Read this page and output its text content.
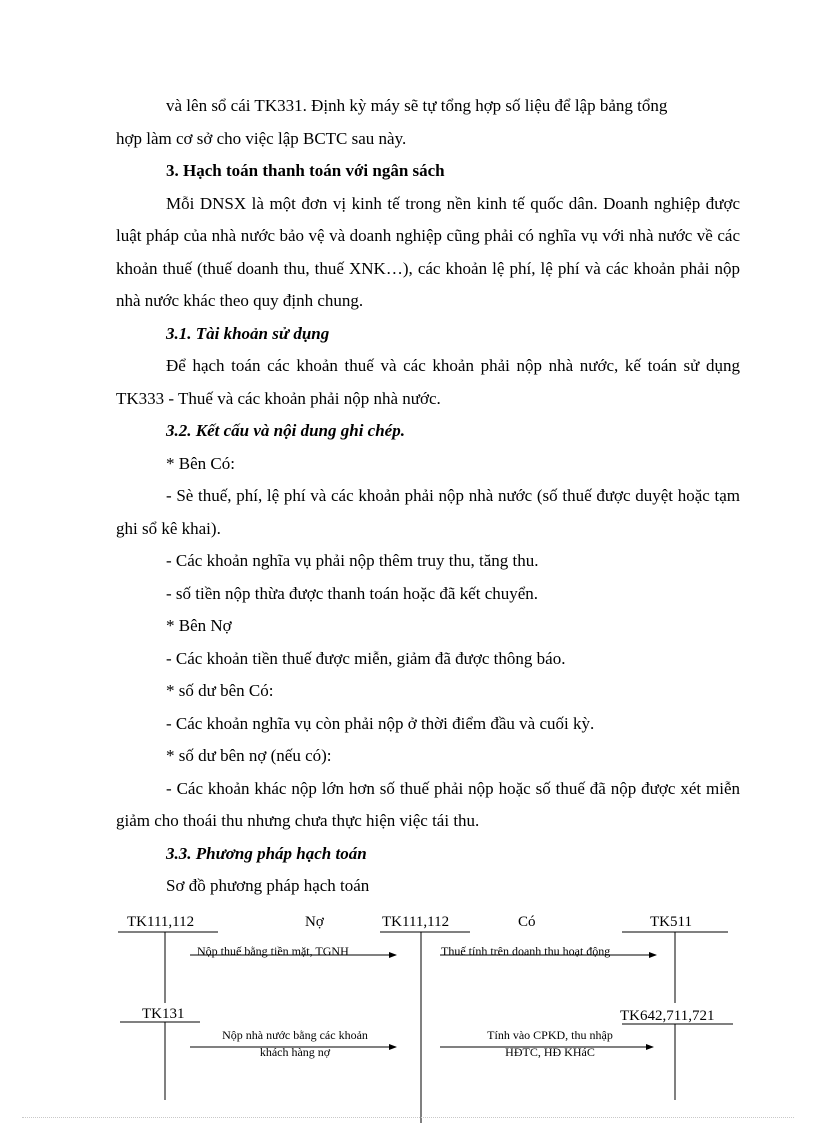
và lên sổ cái TK331. Định kỳ máy sẽ tự tổng hợp số liệu để lập bảng tổng

hợp làm cơ sở cho việc lập BCTC sau này.

3. Hạch toán thanh toán với ngân sách

Mỗi DNSX là một đơn vị kinh tế trong nền kinh tế quốc dân. Doanh nghiệp được luật pháp của nhà nước bảo vệ và doanh nghiệp cũng phải có nghĩa vụ với nhà nước về các khoản thuế (thuế doanh thu, thuế XNK…), các khoản lệ phí, lệ phí và các khoản phải nộp nhà nước khác theo quy định chung.

3.1. Tài khoản sử dụng

Để hạch toán các khoản thuế và các khoản phải nộp nhà nước, kế toán sử dụng TK333 - Thuế và các khoản phải nộp nhà nước.

3.2. Kết cấu và nội dung ghi chép.

* Bên Có:

- Sè thuế, phí, lệ phí và các khoản phải nộp nhà nước (số thuế được duyệt hoặc tạm ghi sổ kê khai).

- Các khoản nghĩa vụ phải nộp thêm truy thu, tăng thu.

- số tiền nộp thừa được thanh toán hoặc đã kết chuyển.

* Bên Nợ

- Các khoản tiền thuế được miễn, giảm đã được thông báo.

* số dư bên Có:

- Các khoản nghĩa vụ còn phải nộp ở thời điểm đầu và cuối kỳ.

* số dư bên nợ (nếu có):

- Các khoản khác nộp lớn hơn số thuế phải nộp hoặc số thuế đã nộp được xét miễn giảm cho thoái thu nhưng chưa thực hiện việc tái thu.

3.3. Phương pháp hạch toán

Sơ đồ phương pháp hạch toán

TK111,112	Nợ	TK111,112	Có	TK511
Nộp thuế bằng tiền mặt, TGNH	Thuế tính trên doanh thu hoạt động
TK131	TK642,711,721
Nộp nhà nước bằng các khoản
khách hàng nợ
Tính vào CPKD, thu nhập
HĐTC, HĐ KHáC
